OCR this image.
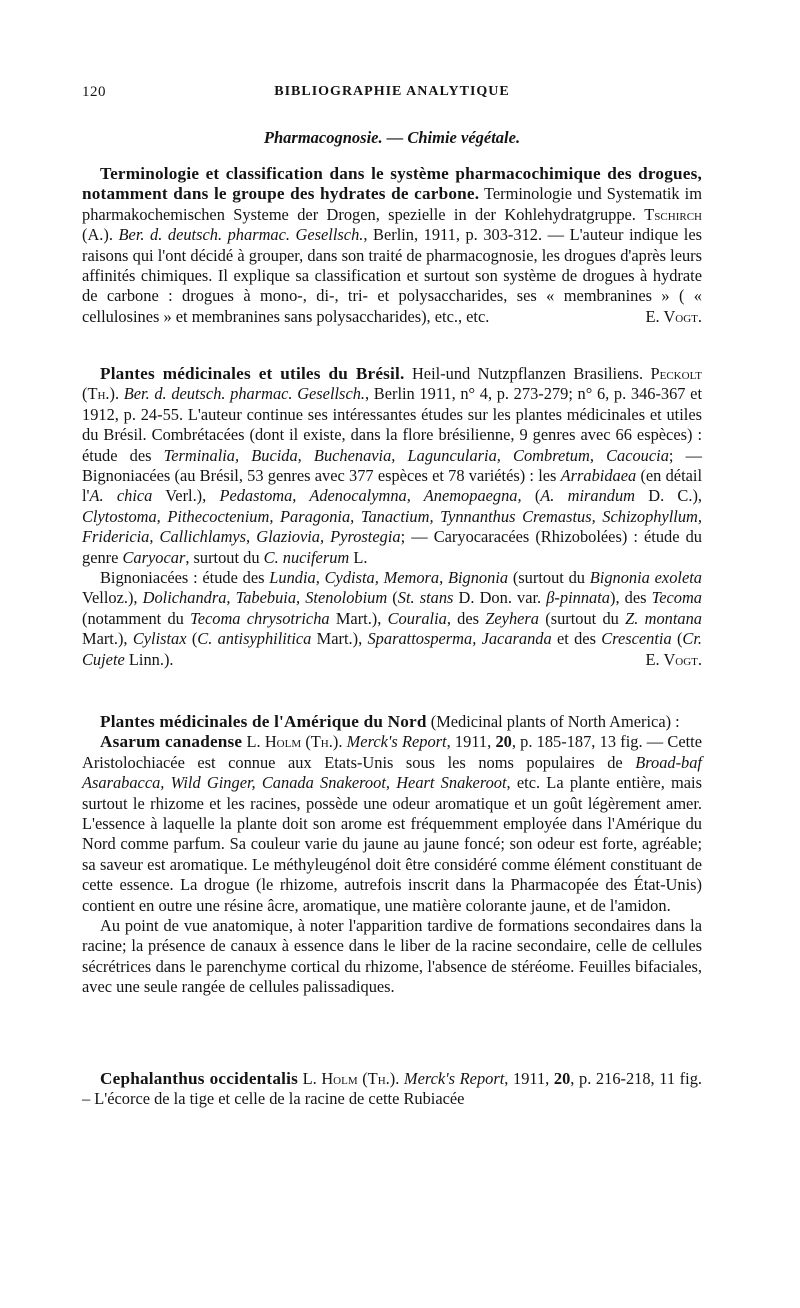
120	BIBLIOGRAPHIE ANALYTIQUE
Pharmacognosie. — Chimie végétale.

Terminologie et classification dans le système pharmacochimique des drogues, notamment dans le groupe des hydrates de carbone. Terminologie und Systematik im pharmakochemischen Systeme der Drogen, spezielle in der Kohlehydratgruppe. Tschirch (A.). Ber. d. deutsch. pharmac. Gesellsch., Berlin, 1911, p. 303-312. — L'auteur indique les raisons qui l'ont décidé à grouper, dans son traité de pharmacognosie, les drogues d'après leurs affinités chimiques. Il explique sa classification et surtout son système de drogues à hydrate de carbone : drogues à mono-, di-, tri- et polysaccharides, ses « membranines » ( « cellulosines » et membranines sans polysaccharides), etc., etc.	E. Vogt.

Plantes médicinales et utiles du Brésil. Heil-und Nutzpflanzen Brasiliens. Peckolt (Th.). Ber. d. deutsch. pharmac. Gesellsch., Berlin 1911, n° 4, p. 273-279; n° 6, p. 346-367 et 1912, p. 24-55. L'auteur continue ses intéressantes études sur les plantes médicinales et utiles du Brésil. Combrétacées (dont il existe, dans la flore brésilienne, 9 genres avec 66 espèces) : étude des Terminalia, Bucida, Buchenavia, Laguncularia, Combretum, Cacoucia; — Bignoniacées (au Brésil, 53 genres avec 377 espèces et 78 variétés) : les Arrabidaea (en détail l'A. chica Verl.), Pedastoma, Adenocalymna, Anemopaegna, (A. mirandum D. C.), Clytostoma, Pithecoctenium, Paragonia, Tanactium, Tynnanthus Cremastus, Schizophyllum, Fridericia, Callichlamys, Glaziovia, Pyrostegia; — Caryocaracées (Rhizobolées) : étude du genre Caryocar, surtout du C. nuciferum L.

Bignoniacées : étude des Lundia, Cydista, Memora, Bignonia (surtout du Bignonia exoleta Velloz.), Dolichandra, Tabebuia, Stenolobium (St. stans D. Don. var. β-pinnata), des Tecoma (notamment du Tecoma chrysotricha Mart.), Couralia, des Zeyhera (surtout du Z. montana Mart.), Cylistax (C. antisyphilitica Mart.), Sparattosperma, Jacaranda et des Crescentia (Cr. Cujete Linn.).	E. Vogt.

Plantes médicinales de l'Amérique du Nord (Medicinal plants of North America) :

Asarum canadense L. Holm (Th.). Merck's Report, 1911, 20, p. 185-187, 13 fig. — Cette Aristolochiacée est connue aux Etats-Unis sous les noms populaires de Broad-baf Asarabacca, Wild Ginger, Canada Snakeroot, Heart Snakeroot, etc. La plante entière, mais surtout le rhizome et les racines, possède une odeur aromatique et un goût légèrement amer. L'essence à laquelle la plante doit son arome est fréquemment employée dans l'Amérique du Nord comme parfum. Sa couleur varie du jaune au jaune foncé; son odeur est forte, agréable; sa saveur est aromatique. Le méthyleugénol doit être considéré comme élément constituant de cette essence. La drogue (le rhizome, autrefois inscrit dans la Pharmacopée des État-Unis) contient en outre une résine âcre, aromatique, une matière colorante jaune, et de l'amidon.

Au point de vue anatomique, à noter l'apparition tardive de formations secondaires dans la racine; la présence de canaux à essence dans le liber de la racine secondaire, celle de cellules sécrétrices dans le parenchyme cortical du rhizome, l'absence de stéréome. Feuilles bifaciales, avec une seule rangée de cellules palissadiques.

Cephalanthus occidentalis L. Holm (Th.). Merck's Report, 1911, 20, p. 216-218, 11 fig. – L'écorce de la tige et celle de la racine de cette Rubiacée
